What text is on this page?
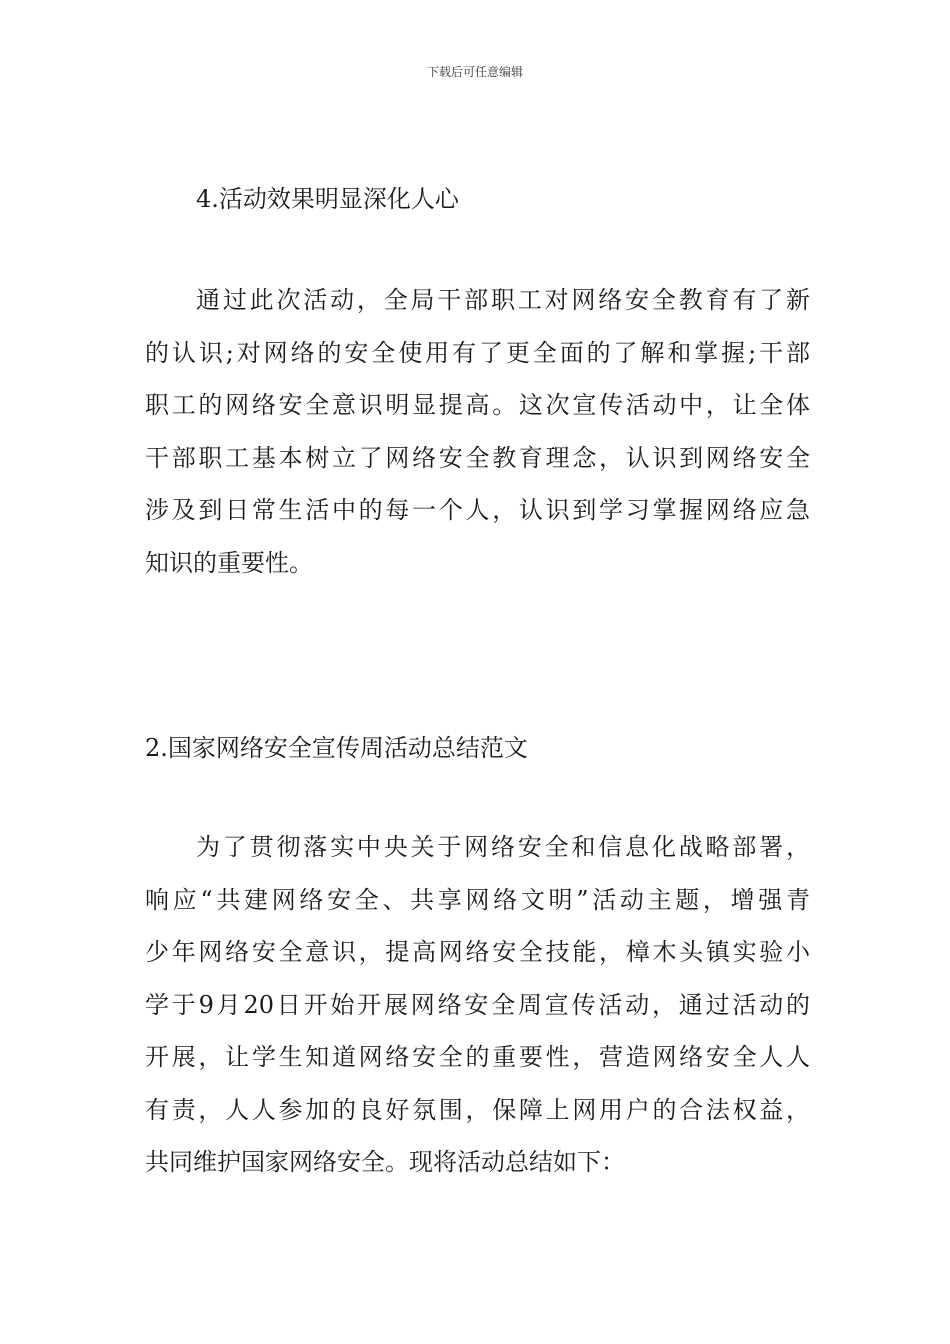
下载后可任意编辑
4.活动效果明显深化人心
通过此次活动，全局干部职工对网络安全教育有了新
的认识;对网络的安全使用有了更全面的了解和掌握;干部
职工的网络安全意识明显提高。这次宣传活动中，让全体
干部职工基本树立了网络安全教育理念，认识到网络安全
涉及到日常生活中的每一个人，认识到学习掌握网络应急
知识的重要性。
2.国家网络安全宣传周活动总结范文
为了贯彻落实中央关于网络安全和信息化战略部署，
响应“共建网络安全、共享网络文明”活动主题，增强青
少年网络安全意识，提高网络安全技能，樟木头镇实验小
学于9月20日开始开展网络安全周宣传活动，通过活动的
开展，让学生知道网络安全的重要性，营造网络安全人人
有责，人人参加的良好氛围，保障上网用户的合法权益，
共同维护国家网络安全。现将活动总结如下：
